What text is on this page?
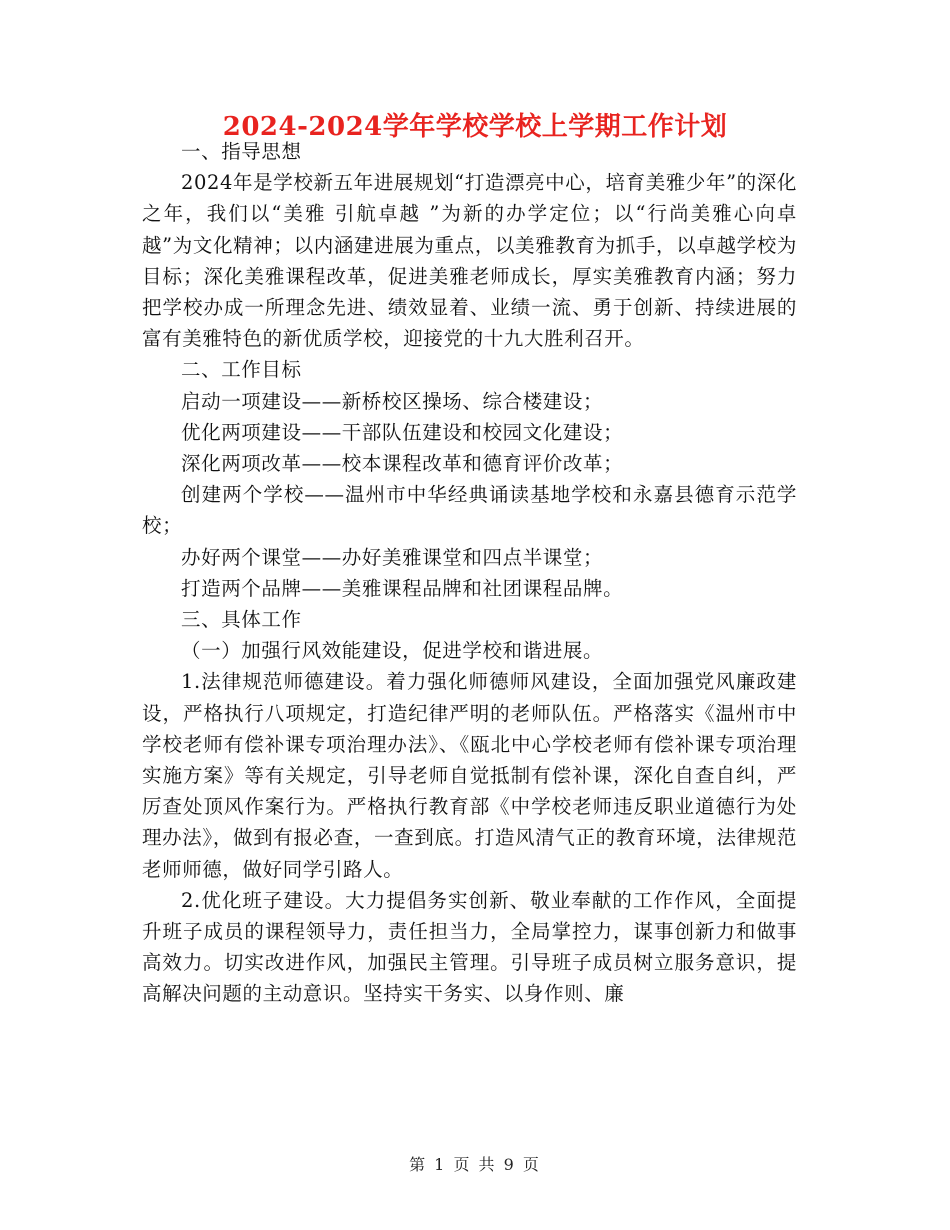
2024-2024学年学校学校上学期工作计划

一、指导思想

2024年是学校新五年进展规划“打造漂亮中心，培育美雅少年”的深化之年，我们以“美雅 引航卓越 ”为新的办学定位；以“行尚美雅心向卓越”为文化精神；以内涵建进展为重点，以美雅教育为抓手，以卓越学校为目标；深化美雅课程改革，促进美雅老师成长，厚实美雅教育内涵；努力把学校办成一所理念先进、绩效显着、业绩一流、勇于创新、持续进展的富有美雅特色的新优质学校，迎接党的十九大胜利召开。

二、工作目标

启动一项建设——新桥校区操场、综合楼建设；

优化两项建设——干部队伍建设和校园文化建设；

深化两项改革——校本课程改革和德育评价改革；

创建两个学校——温州市中华经典诵读基地学校和永嘉县德育示范学校；

办好两个课堂——办好美雅课堂和四点半课堂；

打造两个品牌——美雅课程品牌和社团课程品牌。

三、具体工作

（一）加强行风效能建设，促进学校和谐进展。

1.法律规范师德建设。着力强化师德师风建设，全面加强党风廉政建设，严格执行八项规定，打造纪律严明的老师队伍。严格落实《温州市中学校老师有偿补课专项治理办法》、《瓯北中心学校老师有偿补课专项治理实施方案》等有关规定，引导老师自觉抵制有偿补课，深化自查自纠，严厉查处顶风作案行为。严格执行教育部《中学校老师违反职业道德行为处理办法》，做到有报必查，一查到底。打造风清气正的教育环境，法律规范老师师德，做好同学引路人。

2.优化班子建设。大力提倡务实创新、敬业奉献的工作作风，全面提升班子成员的课程领导力，责任担当力，全局掌控力，谋事创新力和做事高效力。切实改进作风，加强民主管理。引导班子成员树立服务意识，提高解决问题的主动意识。坚持实干务实、以身作则、廉

第 1 页 共 9 页
